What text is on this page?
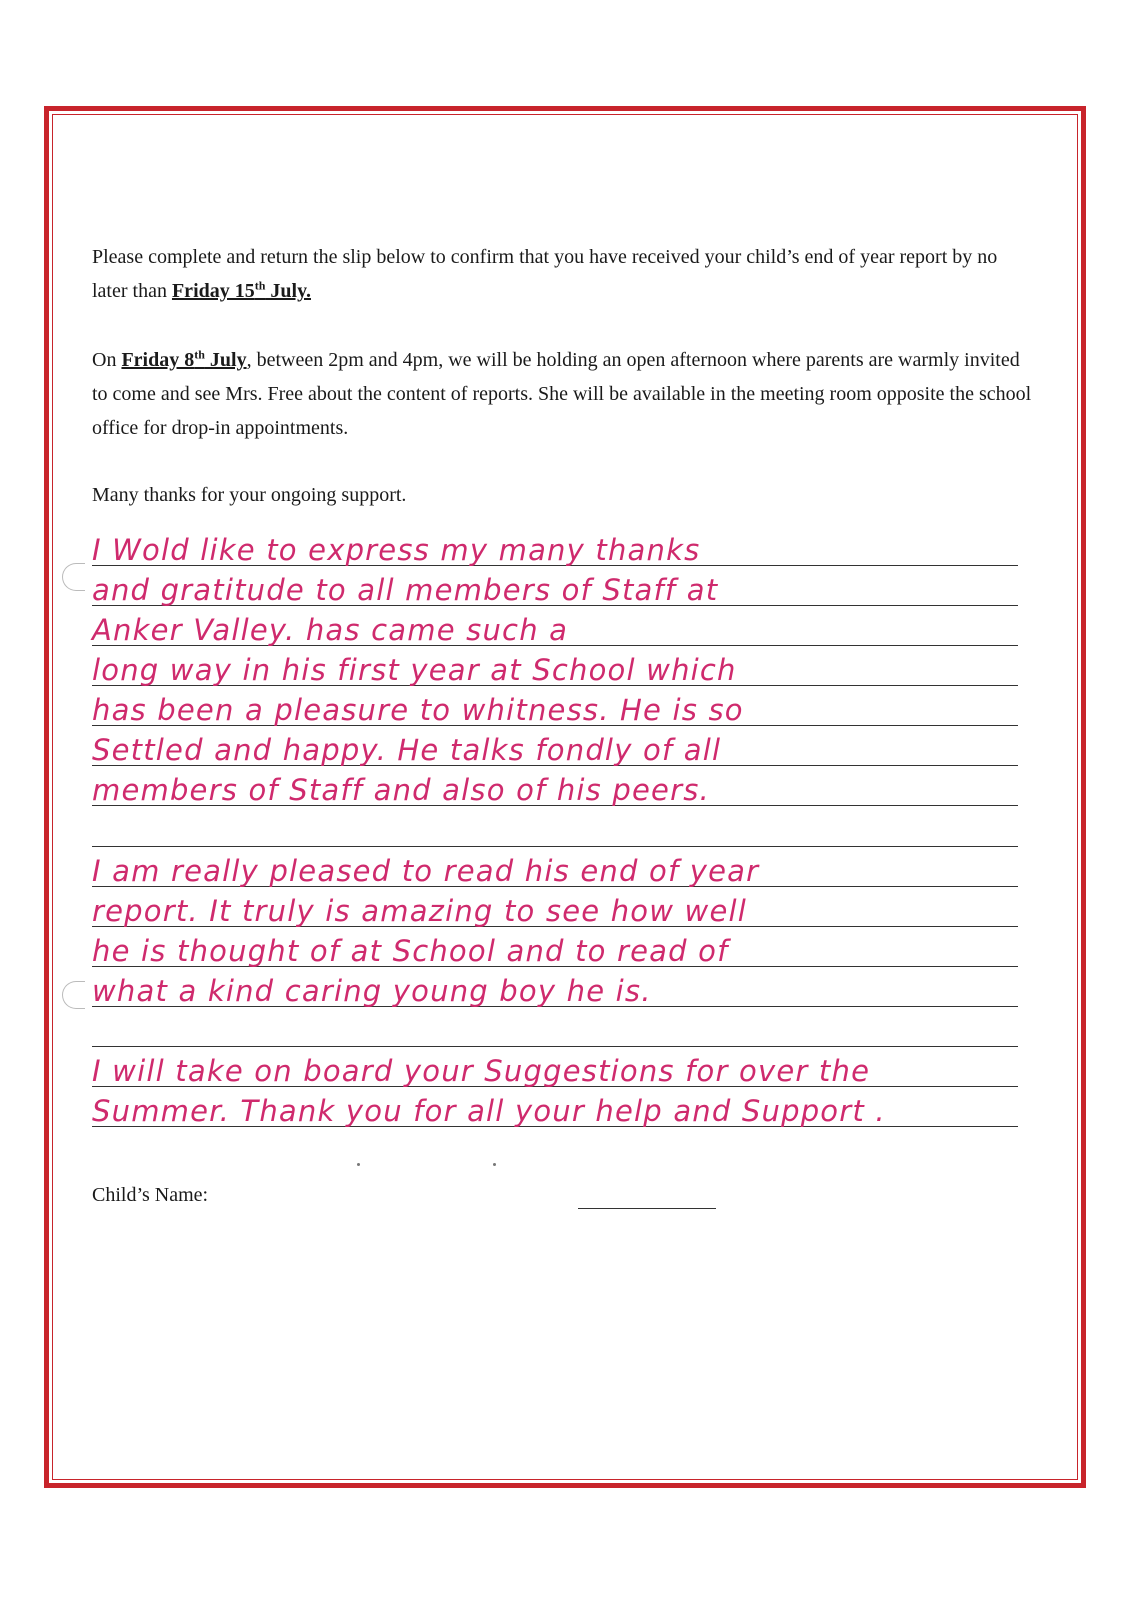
Please complete and return the slip below to confirm that you have received your child’s end of year report by no later than Friday 15th July.

On Friday 8th July, between 2pm and 4pm, we will be holding an open afternoon where parents are warmly invited to come and see Mrs. Free about the content of reports. She will be available in the meeting room opposite the school office for drop-in appointments.

Many thanks for your ongoing support.

I Wold like to express my many thanks
and gratitude to all members of Staff at
Anker Valley. has came such a
long way in his first year at School which
has been a pleasure to whitness. He is so
Settled and happy. He talks fondly of all
members of Staff and also of his peers.
I am really pleased to read his end of year
report. It truly is amazing to see how well
he is thought of at School and to read of
what a kind caring young boy he is.
I will take on board your Suggestions for over the
Summer. Thank you for all your help and Support .
Child’s Name:
